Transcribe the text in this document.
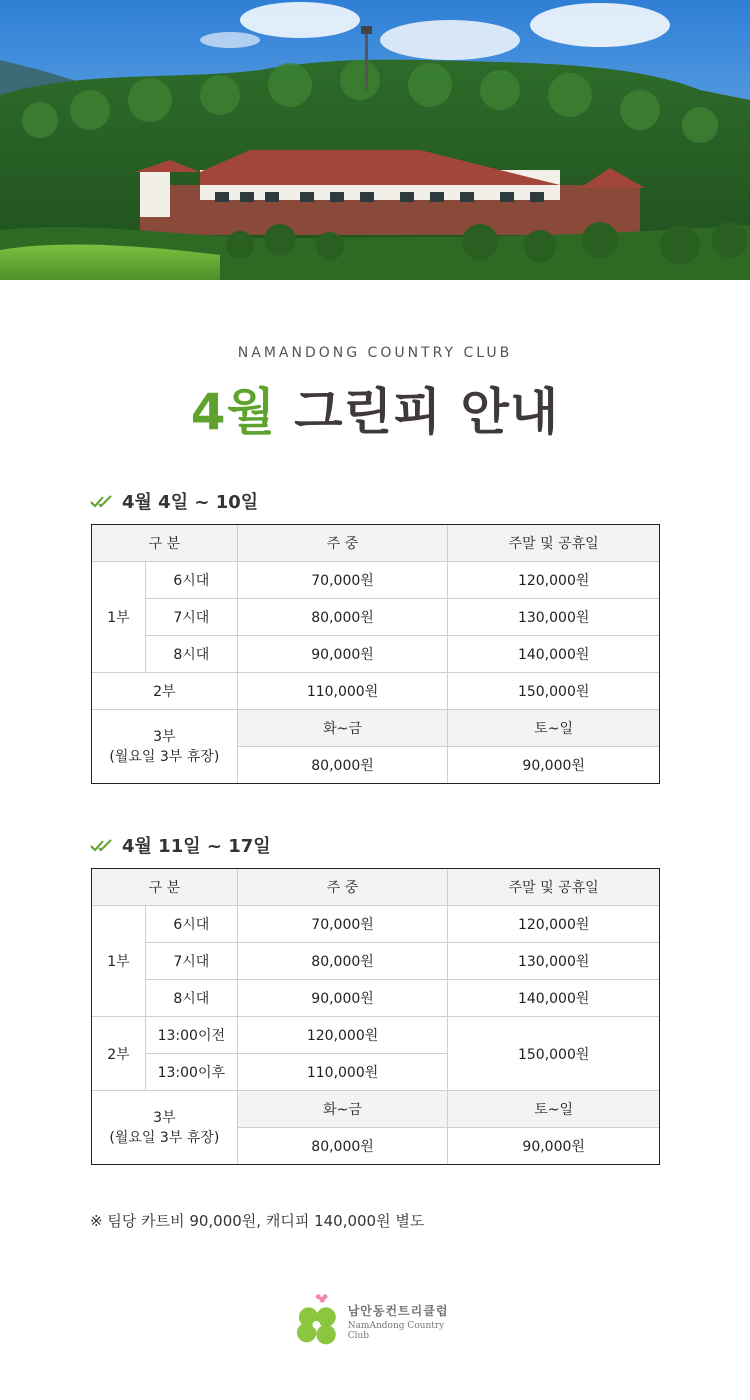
NAMANDONG COUNTRY CLUB
4월 그린피 안내
4월 4일 ~ 10일
구 분		주 중	주말 및 공휴일
1부	6시대	70,000원	120,000원
	7시대	80,000원	130,000원
	8시대	90,000원	140,000원
2부		110,000원	150,000원

3부
(월요일 3부 휴장)		화~금	토~일
		80,000원	90,000원
4월 11일 ~ 17일
구 분		주 중	주말 및 공휴일
1부	6시대	70,000원	120,000원
	7시대	80,000원	130,000원
	8시대	90,000원	140,000원
2부	13:00이전	120,000원	150,000원
	13:00이후	110,000원	

3부
(월요일 3부 휴장)		화~금	토~일
		80,000원	90,000원
※ 팀당 카트비 90,000원, 캐디피 140,000원 별도
남안동컨트리클럽
NamAndong Country Club
